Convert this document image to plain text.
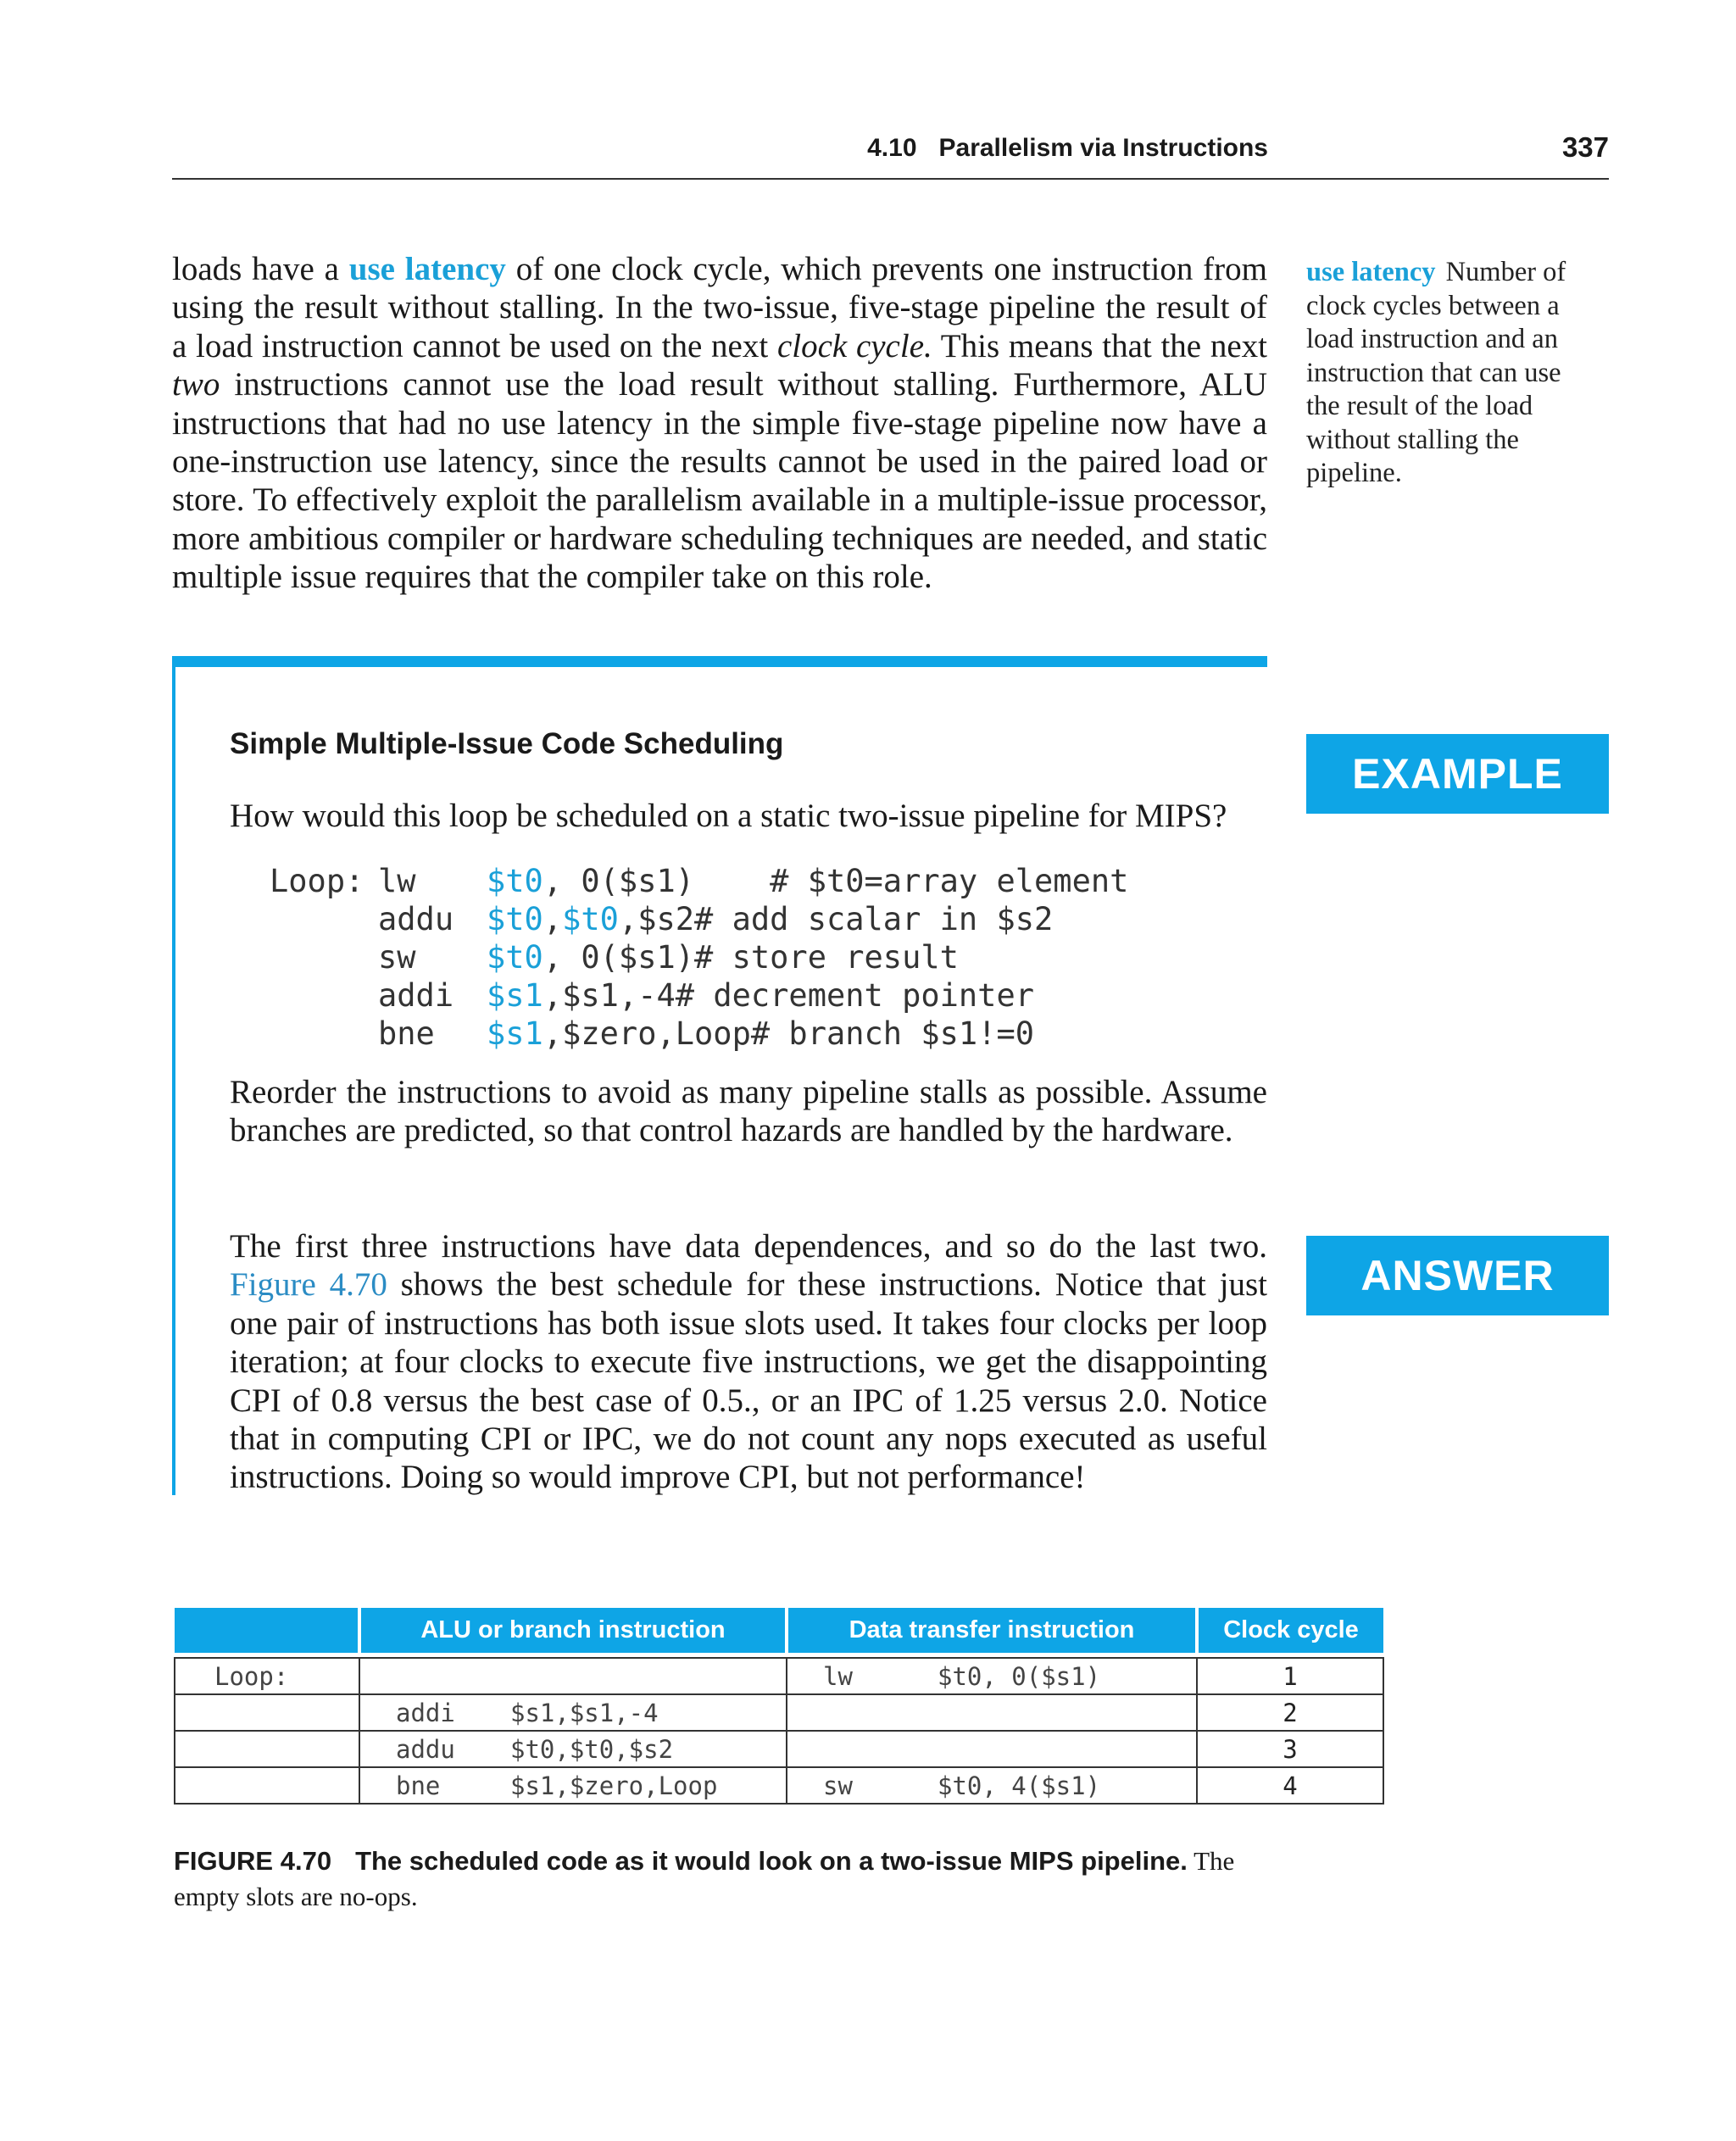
4.10 Parallelism via Instructions	337
loads have a use latency of one clock cycle, which prevents one instruction from
using the result without stalling. In the two-issue, five-stage pipeline the result of
a load instruction cannot be used on the next clock cycle. This means that the next
two instructions cannot use the load result without stalling. Furthermore, ALU
instructions that had no use latency in the simple five-stage pipeline now have a
one-instruction use latency, since the results cannot be used in the paired load or
store. To effectively exploit the parallelism available in a multiple-issue processor,
more ambitious compiler or hardware scheduling techniques are needed, and static
multiple issue requires that the compiler take on this role.
use latency Number of clock cycles between a load instruction and an instruction that can use the result of the load without stalling the pipeline.
EXAMPLE
Simple Multiple-Issue Code Scheduling
How would this loop be scheduled on a static two-issue pipeline for MIPS?
Loop: lw $t0, 0($s1)    # $t0=array element
addu $t0,$t0,$s2# add scalar in $s2
sw $t0, 0($s1)# store result
addi $s1,$s1,-4# decrement pointer
bne $s1,$zero,Loop# branch $s1!=0
Reorder the instructions to avoid as many pipeline stalls as possible. Assume
branches are predicted, so that control hazards are handled by the hardware.
ANSWER
The first three instructions have data dependences, and so do the last two.
Figure 4.70 shows the best schedule for these instructions. Notice that just
one pair of instructions has both issue slots used. It takes four clocks per loop
iteration; at four clocks to execute five instructions, we get the disappointing
CPI of 0.8 versus the best case of 0.5., or an IPC of 1.25 versus 2.0. Notice
that in computing CPI or IPC, we do not count any nops executed as useful
instructions. Doing so would improve CPI, but not performance!
	ALU or branch instruction	Data transfer instruction	Clock cycle

Loop:		lw $t0, 0($s1)	1
	addi $s1,$s1,-4		2
	addu $t0,$t0,$s2		3
	bne $s1,$zero,Loop	sw $t0, 4($s1)	4
FIGURE 4.70 The scheduled code as it would look on a two-issue MIPS pipeline. The empty slots are no-ops.
